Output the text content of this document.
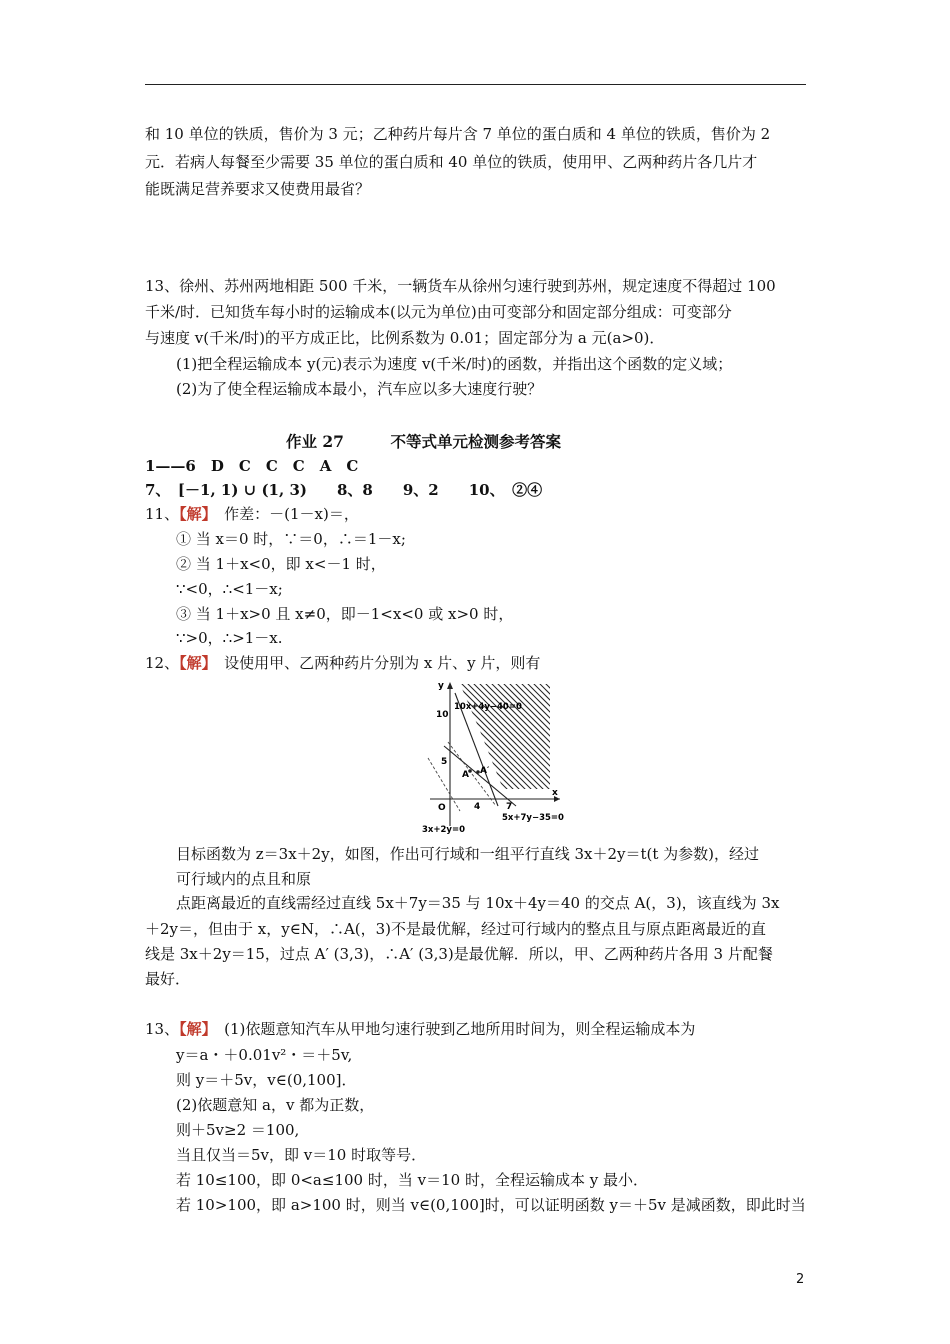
和 10 单位的铁质，售价为 3 元；乙种药片每片含 7 单位的蛋白质和 4 单位的铁质，售价为 2
元．若病人每餐至少需要 35 单位的蛋白质和 40 单位的铁质，使用甲、乙两种药片各几片才
能既满足营养要求又使费用最省？
13、徐州、苏州两地相距 500 千米，一辆货车从徐州匀速行驶到苏州，规定速度不得超过 100
千米/时．已知货车每小时的运输成本(以元为单位)由可变部分和固定部分组成：可变部分
与速度 v(千米/时)的平方成正比，比例系数为 0.01；固定部分为 a 元(a>0)．
(1)把全程运输成本 y(元)表示为速度 v(千米/时)的函数，并指出这个函数的定义域；
(2)为了使全程运输成本最小，汽车应以多大速度行驶？
作业 27　　　不等式单元检测参考答案
1——6　D　C　C　C　A　C
7、　[－1, 1) ∪ (1, 3)　　8、8　　9、2　　10、　②④
11、【解】　作差：－(1－x)＝，
① 当 x＝0 时，∵＝0，∴＝1－x;
② 当 1＋x<0，即 x<－1 时，
∵<0，∴<1－x;
③ 当 1＋x>0 且 x≠0，即－1<x<0 或 x>0 时，
∵>0，∴>1－x.
12、【解】　设使用甲、乙两种药片分别为 x 片、y 片，则有
y
x
O
10
5
4	7
10x+4y−40=0
5x+7y−35=0
3x+2y=0
A A′
目标函数为 z＝3x＋2y，如图，作出可行域和一组平行直线 3x＋2y＝t(t 为参数)，经过
可行域内的点且和原
点距离最近的直线需经过直线 5x＋7y＝35 与 10x＋4y＝40 的交点 A(，3)，该直线为 3x
＋2y＝，但由于 x，y∈N，∴A(，3)不是最优解，经过可行域内的整点且与原点距离最近的直
线是 3x＋2y＝15，过点 A′ (3,3)，∴A′ (3,3)是最优解．所以，甲、乙两种药片各用 3 片配餐
最好．
13、【解】　(1)依题意知汽车从甲地匀速行驶到乙地所用时间为，则全程运输成本为
y＝a・＋0.01v²・＝＋5v,
则 y＝＋5v，v∈(0,100]．
(2)依题意知 a，v 都为正数，
则＋5v≥2 ＝100,
当且仅当＝5v，即 v＝10 时取等号．
若 10≤100，即 0<a≤100 时，当 v＝10 时，全程运输成本 y 最小．
若 10>100，即 a>100 时，则当 v∈(0,100]时，可以证明函数 y＝＋5v 是减函数，即此时当
2
